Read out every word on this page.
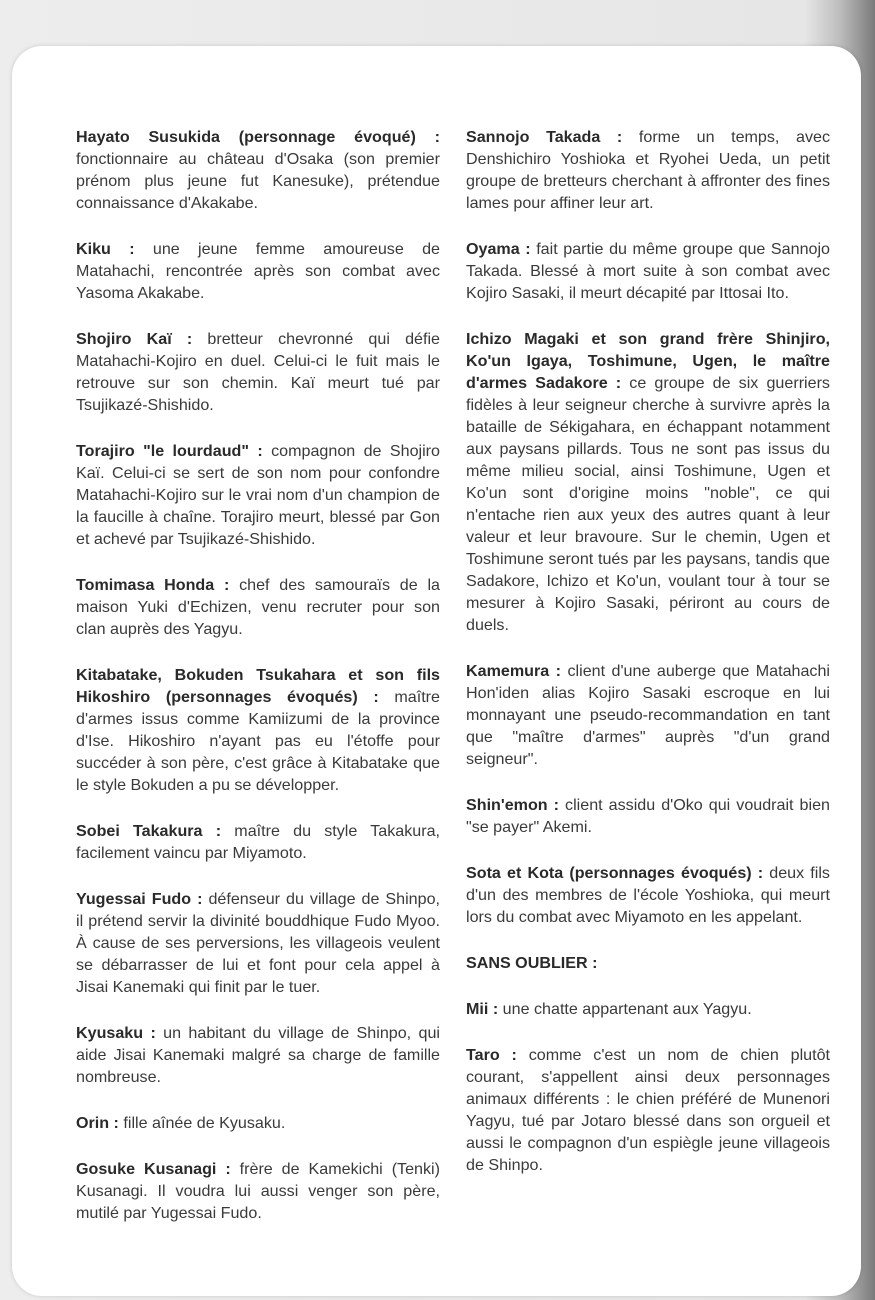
Hayato Susukida (personnage évoqué) : fonctionnaire au château d'Osaka (son premier prénom plus jeune fut Kanesuke), prétendue connaissance d'Akakabe.

Kiku : une jeune femme amoureuse de Matahachi, rencontrée après son combat avec Yasoma Akakabe.

Shojiro Kaï : bretteur chevronné qui défie Matahachi-Kojiro en duel. Celui-ci le fuit mais le retrouve sur son chemin. Kaï meurt tué par Tsujikazé-Shishido.

Torajiro "le lourdaud" : compagnon de Shojiro Kaï. Celui-ci se sert de son nom pour confondre Matahachi-Kojiro sur le vrai nom d'un champion de la faucille à chaîne. Torajiro meurt, blessé par Gon et achevé par Tsujikazé-Shishido.

Tomimasa Honda : chef des samouraïs de la maison Yuki d'Echizen, venu recruter pour son clan auprès des Yagyu.

Kitabatake, Bokuden Tsukahara et son fils Hikoshiro (personnages évoqués) : maître d'armes issus comme Kamiizumi de la province d'Ise. Hikoshiro n'ayant pas eu l'étoffe pour succéder à son père, c'est grâce à Kitabatake que le style Bokuden a pu se développer.

Sobei Takakura : maître du style Takakura, facilement vaincu par Miyamoto.

Yugessai Fudo : défenseur du village de Shinpo, il prétend servir la divinité bouddhique Fudo Myoo. À cause de ses perversions, les villageois veulent se débarrasser de lui et font pour cela appel à Jisai Kanemaki qui finit par le tuer.

Kyusaku : un habitant du village de Shinpo, qui aide Jisai Kanemaki malgré sa charge de famille nombreuse.

Orin : fille aînée de Kyusaku.

Gosuke Kusanagi : frère de Kamekichi (Tenki) Kusanagi. Il voudra lui aussi venger son père, mutilé par Yugessai Fudo.

Sannojo Takada : forme un temps, avec Denshichiro Yoshioka et Ryohei Ueda, un petit groupe de bretteurs cherchant à affronter des fines lames pour affiner leur art.

Oyama : fait partie du même groupe que Sannojo Takada. Blessé à mort suite à son combat avec Kojiro Sasaki, il meurt décapité par Ittosai Ito.

Ichizo Magaki et son grand frère Shinjiro, Ko'un Igaya, Toshimune, Ugen, le maître d'armes Sadakore : ce groupe de six guerriers fidèles à leur seigneur cherche à survivre après la bataille de Sékigahara, en échappant notamment aux paysans pillards. Tous ne sont pas issus du même milieu social, ainsi Toshimune, Ugen et Ko'un sont d'origine moins "noble", ce qui n'entache rien aux yeux des autres quant à leur valeur et leur bravoure. Sur le chemin, Ugen et Toshimune seront tués par les paysans, tandis que Sadakore, Ichizo et Ko'un, voulant tour à tour se mesurer à Kojiro Sasaki, périront au cours de duels.

Kamemura : client d'une auberge que Matahachi Hon'iden alias Kojiro Sasaki escroque en lui monnayant une pseudo-recommandation en tant que "maître d'armes" auprès "d'un grand seigneur".

Shin'emon : client assidu d'Oko qui voudrait bien "se payer" Akemi.

Sota et Kota (personnages évoqués) : deux fils d'un des membres de l'école Yoshioka, qui meurt lors du combat avec Miyamoto en les appelant.

SANS OUBLIER :

Mii : une chatte appartenant aux Yagyu.

Taro : comme c'est un nom de chien plutôt courant, s'appellent ainsi deux personnages animaux différents : le chien préféré de Munenori Yagyu, tué par Jotaro blessé dans son orgueil et aussi le compagnon d'un espiègle jeune villageois de Shinpo.
